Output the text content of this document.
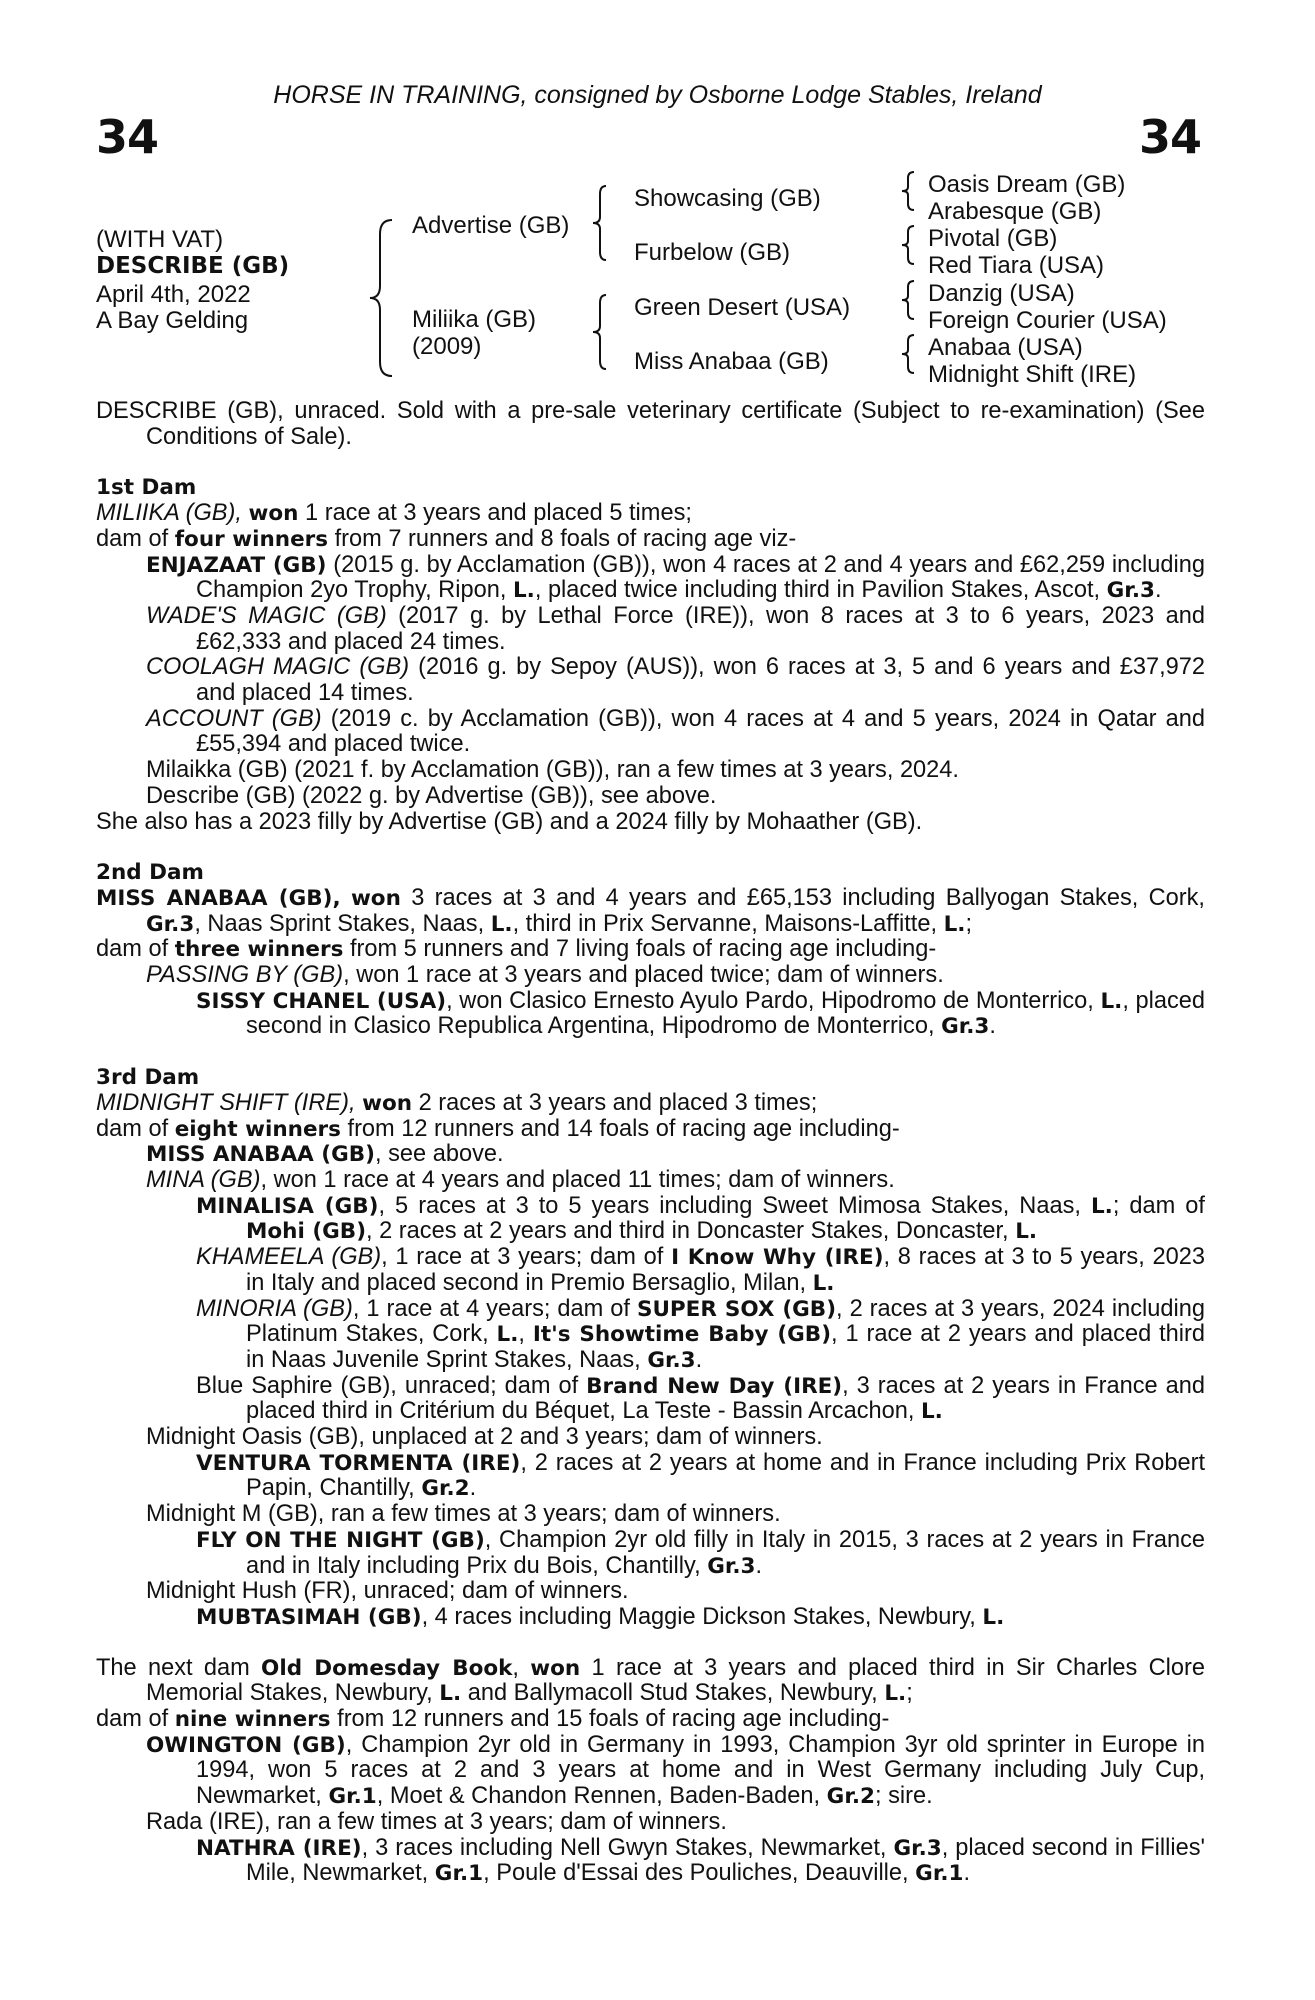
HORSE IN TRAINING, consigned by Osborne Lodge Stables, Ireland
34	34
(WITH VAT)
DESCRIBE (GB)
April 4th, 2022
A Bay Gelding
Advertise (GB)
Miliika (GB)
(2009)
Showcasing (GB)
Furbelow (GB)
Green Desert (USA)
Miss Anabaa (GB)
Oasis Dream (GB)
Arabesque (GB)
Pivotal (GB)
Red Tiara (USA)
Danzig (USA)
Foreign Courier (USA)
Anabaa (USA)
Midnight Shift (IRE)

DESCRIBE (GB), unraced. Sold with a pre-sale veterinary certificate (Subject to re-examination) (See Conditions of Sale).

1st Dam

MILIIKA (GB), won 1 race at 3 years and placed 5 times;

dam of four winners from 7 runners and 8 foals of racing age viz-

ENJAZAAT (GB) (2015 g. by Acclamation (GB)), won 4 races at 2 and 4 years and £62,259 including Champion 2yo Trophy, Ripon, L., placed twice including third in Pavilion Stakes, Ascot, Gr.3.

WADE'S MAGIC (GB) (2017 g. by Lethal Force (IRE)), won 8 races at 3 to 6 years, 2023 and £62,333 and placed 24 times.

COOLAGH MAGIC (GB) (2016 g. by Sepoy (AUS)), won 6 races at 3, 5 and 6 years and £37,972 and placed 14 times.

ACCOUNT (GB) (2019 c. by Acclamation (GB)), won 4 races at 4 and 5 years, 2024 in Qatar and £55,394 and placed twice.

Milaikka (GB) (2021 f. by Acclamation (GB)), ran a few times at 3 years, 2024.

Describe (GB) (2022 g. by Advertise (GB)), see above.

She also has a 2023 filly by Advertise (GB) and a 2024 filly by Mohaather (GB).

2nd Dam

MISS ANABAA (GB), won 3 races at 3 and 4 years and £65,153 including Ballyogan Stakes, Cork, Gr.3, Naas Sprint Stakes, Naas, L., third in Prix Servanne, Maisons-Laffitte, L.;

dam of three winners from 5 runners and 7 living foals of racing age including-

PASSING BY (GB), won 1 race at 3 years and placed twice; dam of winners.

SISSY CHANEL (USA), won Clasico Ernesto Ayulo Pardo, Hipodromo de Monterrico, L., placed second in Clasico Republica Argentina, Hipodromo de Monterrico, Gr.3.

3rd Dam

MIDNIGHT SHIFT (IRE), won 2 races at 3 years and placed 3 times;

dam of eight winners from 12 runners and 14 foals of racing age including-

MISS ANABAA (GB), see above.

MINA (GB), won 1 race at 4 years and placed 11 times; dam of winners.

MINALISA (GB), 5 races at 3 to 5 years including Sweet Mimosa Stakes, Naas, L.; dam of Mohi (GB), 2 races at 2 years and third in Doncaster Stakes, Doncaster, L.

KHAMEELA (GB), 1 race at 3 years; dam of I Know Why (IRE), 8 races at 3 to 5 years, 2023 in Italy and placed second in Premio Bersaglio, Milan, L.

MINORIA (GB), 1 race at 4 years; dam of SUPER SOX (GB), 2 races at 3 years, 2024 including Platinum Stakes, Cork, L., It's Showtime Baby (GB), 1 race at 2 years and placed third in Naas Juvenile Sprint Stakes, Naas, Gr.3.

Blue Saphire (GB), unraced; dam of Brand New Day (IRE), 3 races at 2 years in France and placed third in Critérium du Béquet, La Teste - Bassin Arcachon, L.

Midnight Oasis (GB), unplaced at 2 and 3 years; dam of winners.

VENTURA TORMENTA (IRE), 2 races at 2 years at home and in France including Prix Robert Papin, Chantilly, Gr.2.

Midnight M (GB), ran a few times at 3 years; dam of winners.

FLY ON THE NIGHT (GB), Champion 2yr old filly in Italy in 2015, 3 races at 2 years in France and in Italy including Prix du Bois, Chantilly, Gr.3.

Midnight Hush (FR), unraced; dam of winners.

MUBTASIMAH (GB), 4 races including Maggie Dickson Stakes, Newbury, L.

The next dam Old Domesday Book, won 1 race at 3 years and placed third in Sir Charles Clore Memorial Stakes, Newbury, L. and Ballymacoll Stud Stakes, Newbury, L.;

dam of nine winners from 12 runners and 15 foals of racing age including-

OWINGTON (GB), Champion 2yr old in Germany in 1993, Champion 3yr old sprinter in Europe in 1994, won 5 races at 2 and 3 years at home and in West Germany including July Cup, Newmarket, Gr.1, Moet & Chandon Rennen, Baden-Baden, Gr.2; sire.

Rada (IRE), ran a few times at 3 years; dam of winners.

NATHRA (IRE), 3 races including Nell Gwyn Stakes, Newmarket, Gr.3, placed second in Fillies' Mile, Newmarket, Gr.1, Poule d'Essai des Pouliches, Deauville, Gr.1.
